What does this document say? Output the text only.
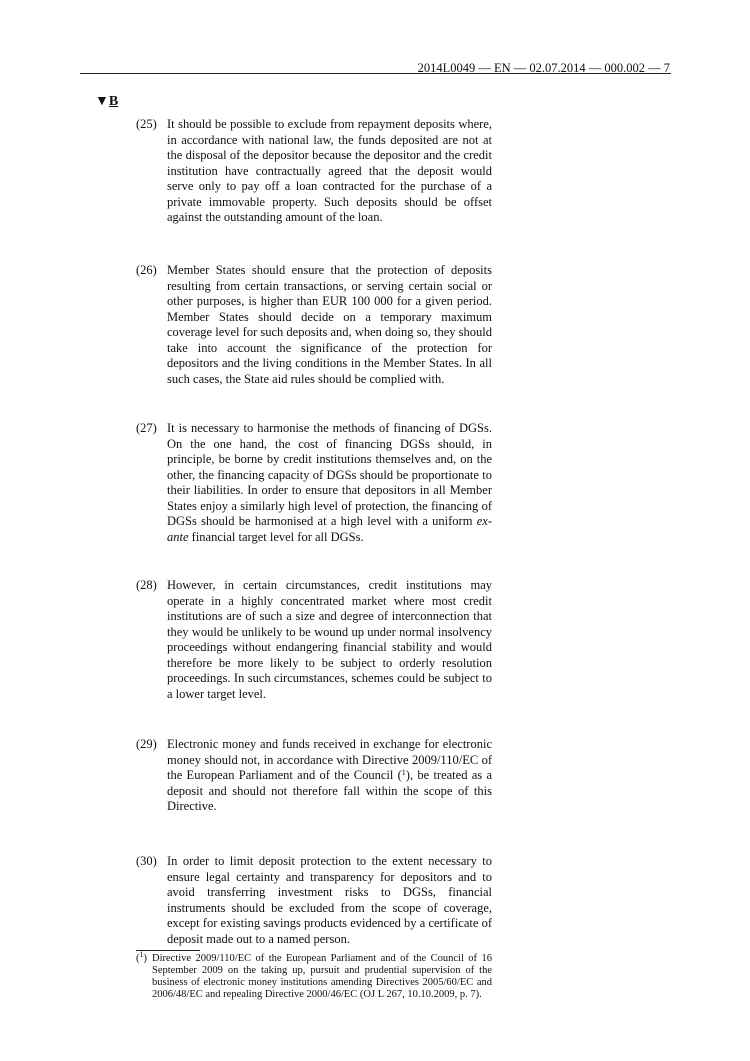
2014L0049 — EN — 02.07.2014 — 000.002 — 7
▼B
(25) It should be possible to exclude from repayment deposits where, in accordance with national law, the funds deposited are not at the disposal of the depositor because the depositor and the credit institution have contractually agreed that the deposit would serve only to pay off a loan contracted for the purchase of a private immovable property. Such deposits should be offset against the outstanding amount of the loan.
(26) Member States should ensure that the protection of deposits resulting from certain transactions, or serving certain social or other purposes, is higher than EUR 100 000 for a given period. Member States should decide on a temporary maximum coverage level for such deposits and, when doing so, they should take into account the significance of the protection for depositors and the living conditions in the Member States. In all such cases, the State aid rules should be complied with.
(27) It is necessary to harmonise the methods of financing of DGSs. On the one hand, the cost of financing DGSs should, in principle, be borne by credit institutions themselves and, on the other, the financing capacity of DGSs should be proportionate to their liabilities. In order to ensure that depositors in all Member States enjoy a similarly high level of protection, the financing of DGSs should be harmonised at a high level with a uniform ex-ante financial target level for all DGSs.
(28) However, in certain circumstances, credit institutions may operate in a highly concentrated market where most credit institutions are of such a size and degree of interconnection that they would be unlikely to be wound up under normal insolvency proceedings without endangering financial stability and would therefore be more likely to be subject to orderly resolution proceedings. In such circumstances, schemes could be subject to a lower target level.
(29) Electronic money and funds received in exchange for electronic money should not, in accordance with Directive 2009/110/EC of the European Parliament and of the Council ($^1$), be treated as a deposit and should not therefore fall within the scope of this Directive.
(30) In order to limit deposit protection to the extent necessary to ensure legal certainty and transparency for depositors and to avoid transferring investment risks to DGSs, financial instruments should be excluded from the scope of coverage, except for existing savings products evidenced by a certificate of deposit made out to a named person.
($^1$) Directive 2009/110/EC of the European Parliament and of the Council of 16 September 2009 on the taking up, pursuit and prudential supervision of the business of electronic money institutions amending Directives 2005/60/EC and 2006/48/EC and repealing Directive 2000/46/EC (OJ L 267, 10.10.2009, p. 7).
